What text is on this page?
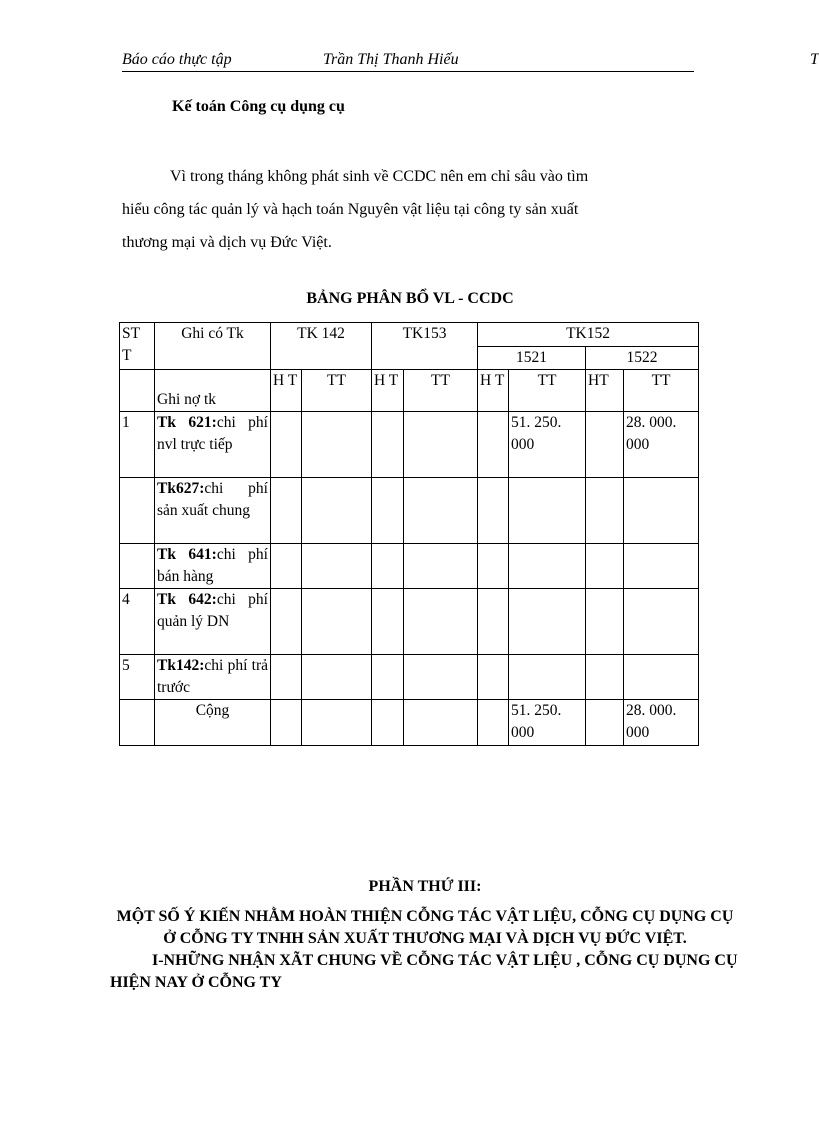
Báo cáo thực tập	Trần Thị Thanh Hiếu	T
Kế toán Công cụ dụng cụ
Vì trong tháng không phát sinh về CCDC nên em chỉ sâu vào tìm
hiểu công tác quản lý và hạch toán Nguyên vật liệu tại công ty sản xuất
thương mại và dịch vụ Đức Việt.
BẢNG PHÂN BỔ VL - CCDC
ST T	Ghi có Tk	TK 142		TK153		TK152			
						1521		1522	
	Ghi nợ tk	H T	TT	H T	TT	H T	TT	HT	TT
1	Tk 621:chi phí nvl trực tiếp						51. 250. 000		28. 000. 000
	Tk627:chi phí sản xuất chung								
	Tk 641:chi phí bán hàng								
4	Tk 642:chi phí quản lý DN								
5	Tk142:chi phí trả trước								
	Cộng						51. 250. 000		28. 000. 000
PHẦN THỨ III:
MỘT SỐ Ý KIẾN NHẰM HOÀN THIỆN CỖNG TÁC VẬT LIỆU, CỖNG CỤ DỤNG CỤ Ở CỖNG TY TNHH SẢN XUẤT THƯƠNG MẠI VÀ DỊCH VỤ ĐỨC VIỆT.
I-NHỮNG NHẬN XÃT CHUNG VỀ CỖNG TÁC VẬT LIỆU , CỖNG CỤ DỤNG CỤ HIỆN NAY Ở CỖNG TY
